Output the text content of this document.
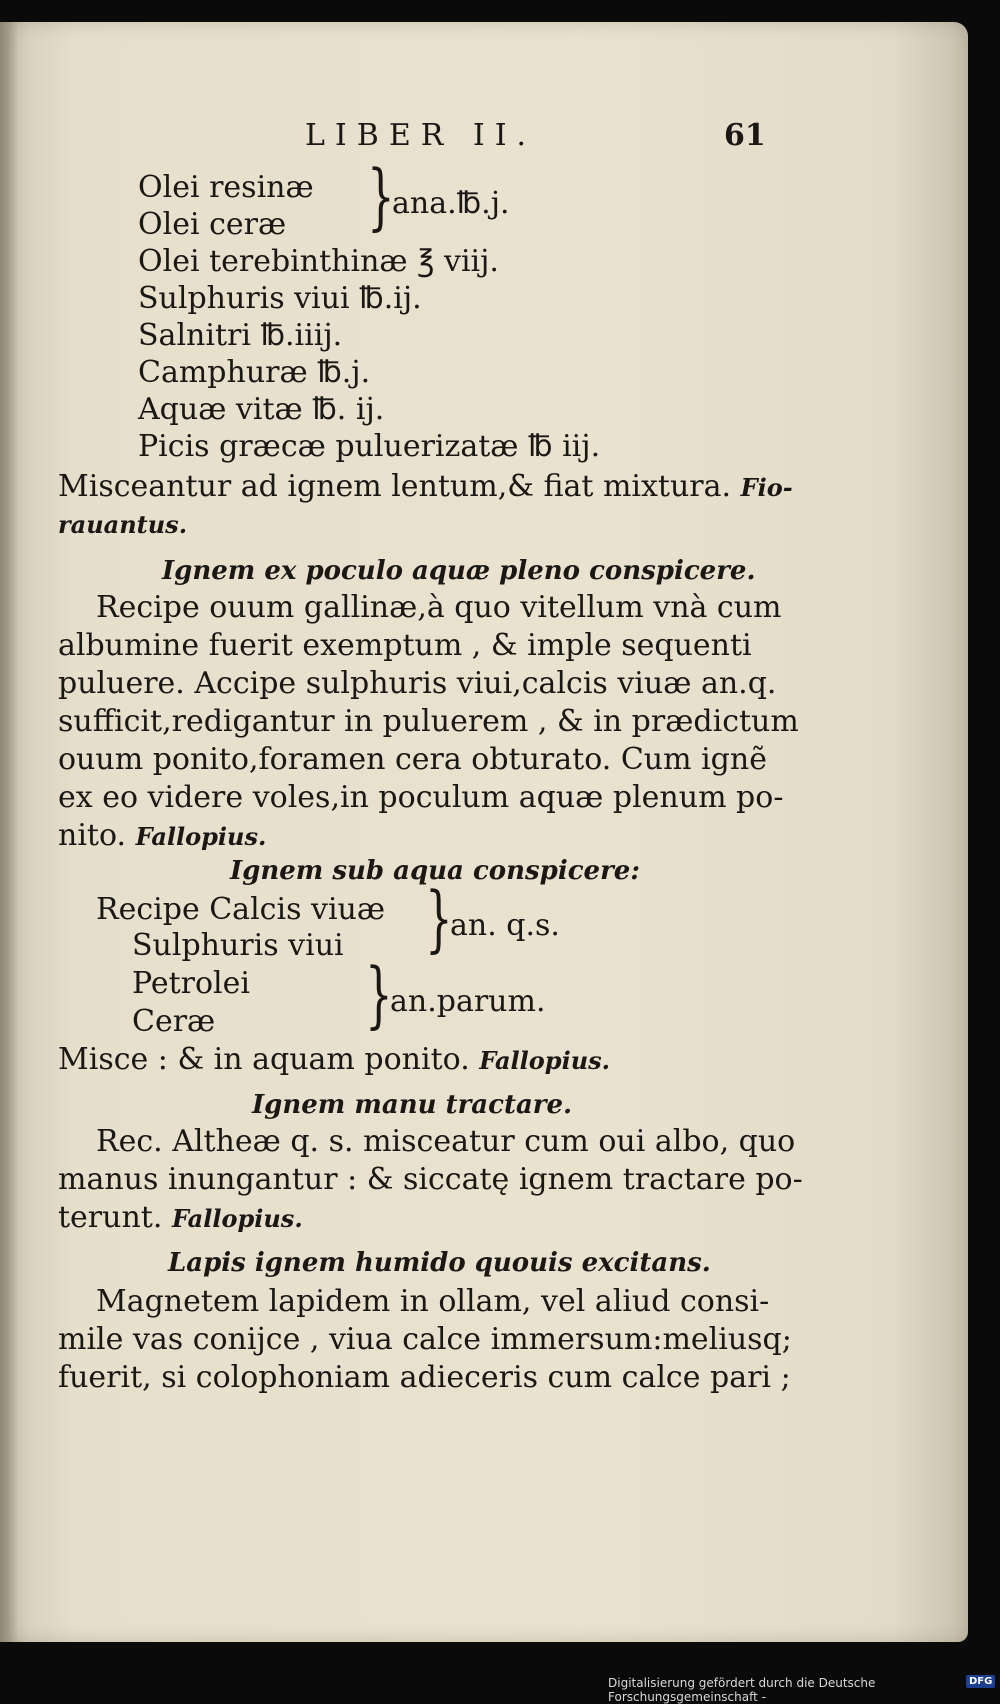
LIBER II.	61
Olei resinæ
Olei ceræ }
ana.℔.j.
Olei terebinthinæ ℥ viij.
Sulphuris viui ℔.ij.
Salnitri ℔.iiij.
Camphuræ ℔.j.
Aquæ vitæ ℔. ij.
Picis græcæ puluerizatæ ℔ iij.
Misceantur ad ignem lentum,& fiat mixtura. Fio-
rauantus.
Ignem ex poculo aquæ pleno conspicere.
Recipe ouum gallinæ,à quo vitellum vnà cum
albumine fuerit exemptum , & imple sequenti
puluere. Accipe sulphuris viui,calcis viuæ an.q.
sufficit,redigantur in puluerem , & in prædictum
ouum ponito,foramen cera obturato. Cum ignẽ
ex eo videre voles,in poculum aquæ plenum po-
nito. Fallopius.
Ignem sub aqua conspicere:
Recipe Calcis viuæ
Sulphuris viui }
an. q.s.
Petrolei
Ceræ }
an.parum.
Misce : & in aquam ponito. Fallopius.
Ignem manu tractare.
Rec. Altheæ q. s. misceatur cum oui albo, quo
manus inungantur : & siccatę ignem tractare po-
terunt. Fallopius.
Lapis ignem humido quouis excitans.
Magnetem lapidem in ollam, vel aliud consi-
mile vas conijce , viua calce immersum:meliusq;
fuerit, si colophoniam adieceris cum calce pari ;
Digitalisierung gefördert durch die Deutsche Forschungsgemeinschaft -
DFG
